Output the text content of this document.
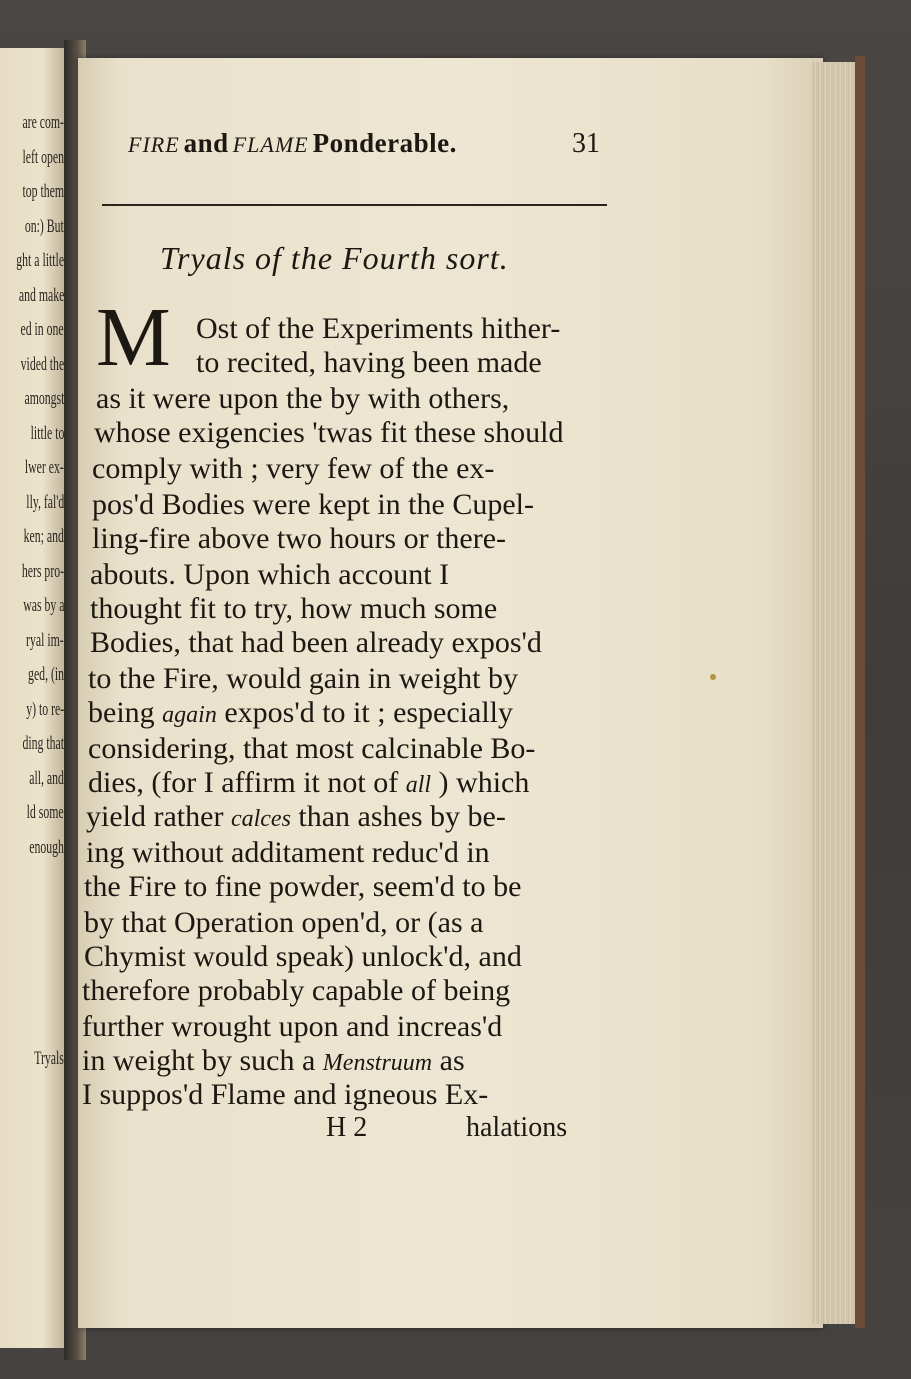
are com-
left open
top them
on:) But
ght a little
and make
ed in one
vided the
amongst
little to
lwer ex-
lly, fal'd
ken; and
hers pro-
was by a
ryal im-
ged, (in
y) to re-
ding that
all, and
ld some
enough
Tryals
FIRE and FLAME Ponderable.	31
Tryals of the Fourth sort.
M Ost of the Experiments hither-
to recited, having been made
as it were upon the by with others,
whose exigencies 'twas fit these should
comply with ; very few of the ex-
pos'd Bodies were kept in the Cupel-
ling-fire above two hours or there-
abouts. Upon which account I
thought fit to try, how much some
Bodies, that had been already expos'd
to the Fire, would gain in weight by
being again expos'd to it ; especially
considering, that most calcinable Bo-
dies, (for I affirm it not of all ) which
yield rather calces than ashes by be-
ing without additament reduc'd in
the Fire to fine powder, seem'd to be
by that Operation open'd, or (as a
Chymist would speak) unlock'd, and
therefore probably capable of being
further wrought upon and increas'd
in weight by such a Menstruum as
I suppos'd Flame and igneous Ex-
H 2	halations
